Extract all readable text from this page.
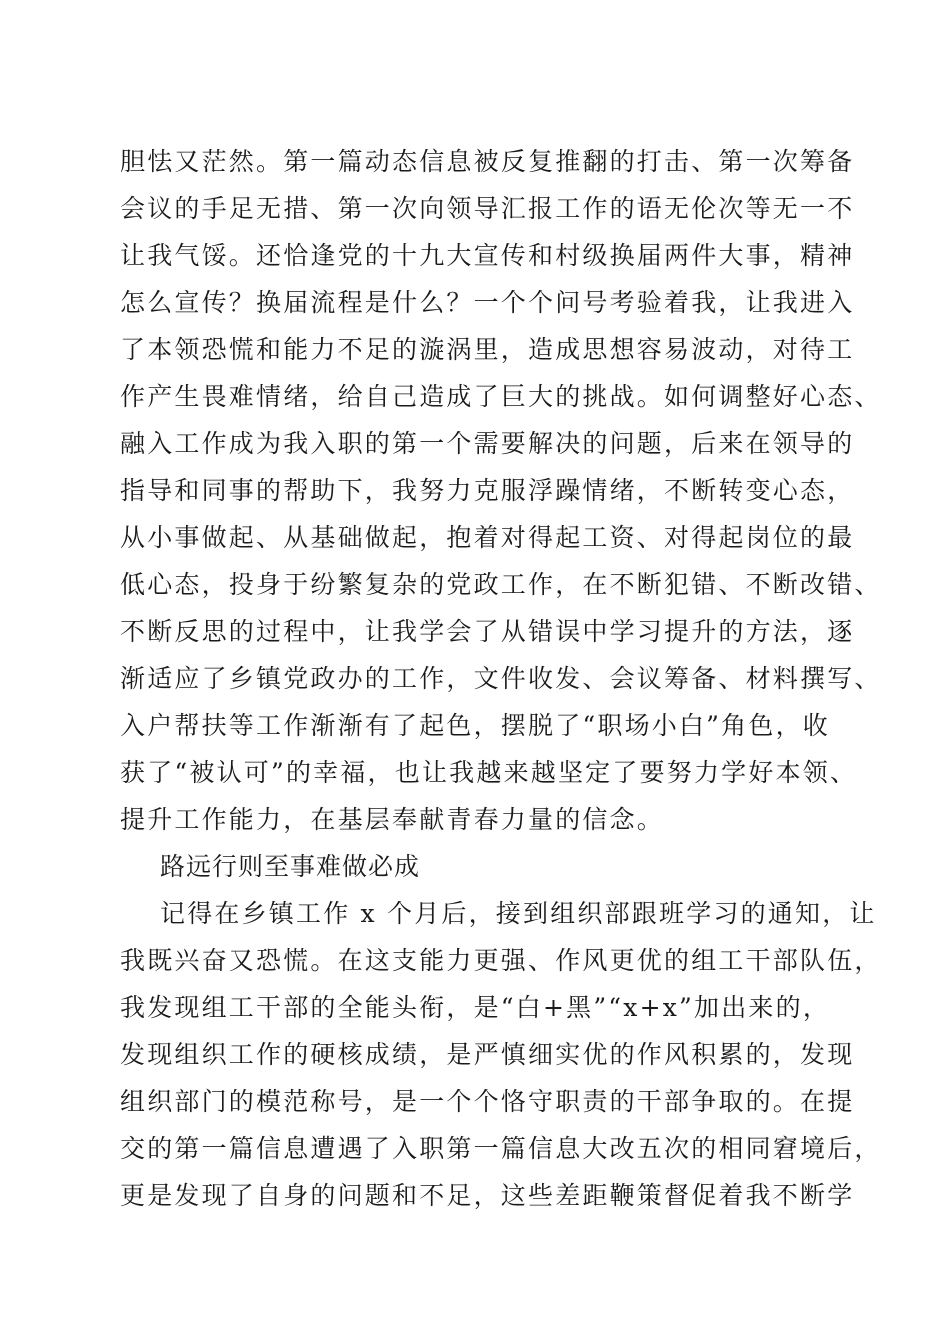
胆怯又茫然。第一篇动态信息被反复推翻的打击、第一次筹备
会议的手足无措、第一次向领导汇报工作的语无伦次等无一不
让我气馁。还恰逢党的十九大宣传和村级换届两件大事，精神
怎么宣传？换届流程是什么？一个个问号考验着我，让我进入
了本领恐慌和能力不足的漩涡里，造成思想容易波动，对待工
作产生畏难情绪，给自己造成了巨大的挑战。如何调整好心态、
融入工作成为我入职的第一个需要解决的问题，后来在领导的
指导和同事的帮助下，我努力克服浮躁情绪，不断转变心态，
从小事做起、从基础做起，抱着对得起工资、对得起岗位的最
低心态，投身于纷繁复杂的党政工作，在不断犯错、不断改错、
不断反思的过程中，让我学会了从错误中学习提升的方法，逐
渐适应了乡镇党政办的工作，文件收发、会议筹备、材料撰写、
入户帮扶等工作渐渐有了起色，摆脱了“职场小白”角色，收
获了“被认可”的幸福，也让我越来越坚定了要努力学好本领、
提升工作能力，在基层奉献青春力量的信念。
路远行则至事难做必成
记得在乡镇工作 x 个月后，接到组织部跟班学习的通知，让
我既兴奋又恐慌。在这支能力更强、作风更优的组工干部队伍，
我发现组工干部的全能头衔，是“白+黑”“x+x”加出来的，
发现组织工作的硬核成绩，是严慎细实优的作风积累的，发现
组织部门的模范称号，是一个个恪守职责的干部争取的。在提
交的第一篇信息遭遇了入职第一篇信息大改五次的相同窘境后，
更是发现了自身的问题和不足，这些差距鞭策督促着我不断学
